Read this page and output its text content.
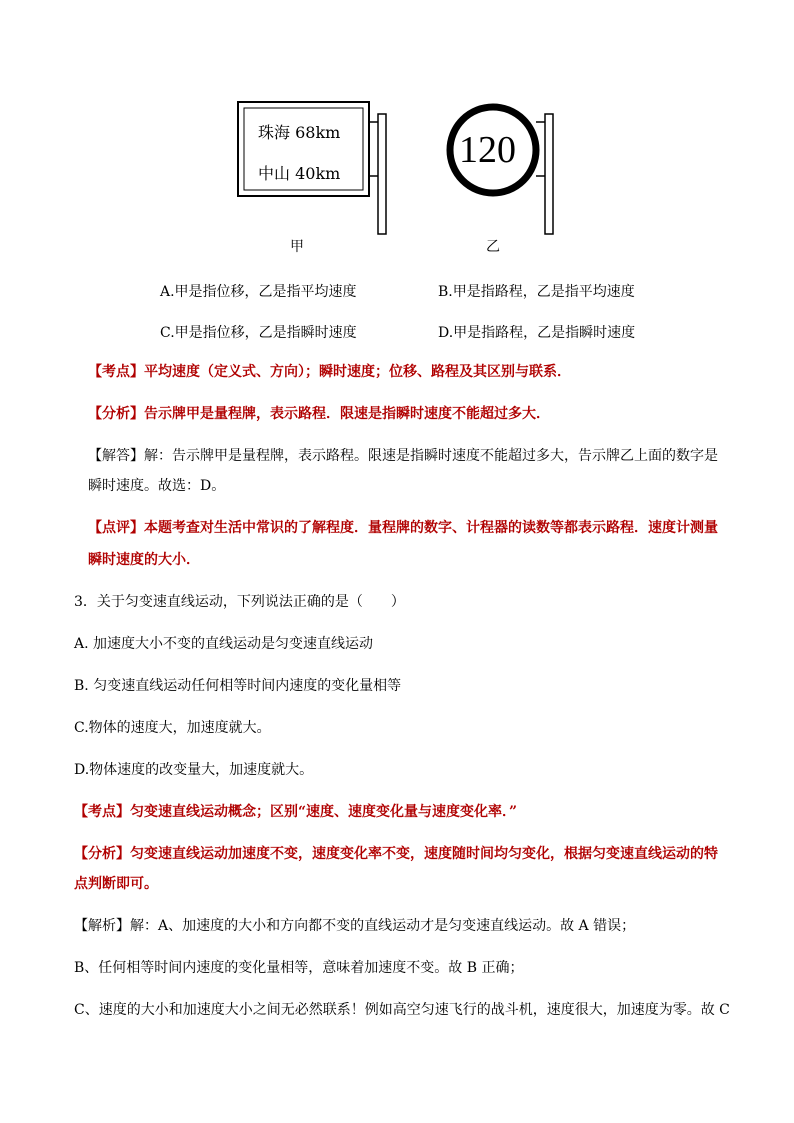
珠海 68km
中山 40km
甲
120
乙
A.甲是指位移，乙是指平均速度	B.甲是指路程，乙是指平均速度
C.甲是指位移，乙是指瞬时速度	D.甲是指路程，乙是指瞬时速度
【考点】平均速度（定义式、方向）；瞬时速度；位移、路程及其区别与联系．
【分析】告示牌甲是量程牌，表示路程．限速是指瞬时速度不能超过多大．
【解答】解：告示牌甲是量程牌，表示路程。限速是指瞬时速度不能超过多大，告示牌乙上面的数字是
瞬时速度。故选：D。
【点评】本题考查对生活中常识的了解程度．量程牌的数字、计程器的读数等都表示路程．速度计测量
瞬时速度的大小．
3．关于匀变速直线运动，下列说法正确的是（　　）
A. 加速度大小不变的直线运动是匀变速直线运动
B. 匀变速直线运动任何相等时间内速度的变化量相等
C.物体的速度大，加速度就大。
D.物体速度的改变量大，加速度就大。
【考点】匀变速直线运动概念；区别“速度、速度变化量与速度变化率．”
【分析】匀变速直线运动加速度不变，速度变化率不变，速度随时间均匀变化，根据匀变速直线运动的特
点判断即可。
【解析】解：A、加速度的大小和方向都不变的直线运动才是匀变速直线运动。故 A 错误；
B、任何相等时间内速度的变化量相等，意味着加速度不变。故 B 正确；
C、速度的大小和加速度大小之间无必然联系！例如高空匀速飞行的战斗机，速度很大，加速度为零。故 C
